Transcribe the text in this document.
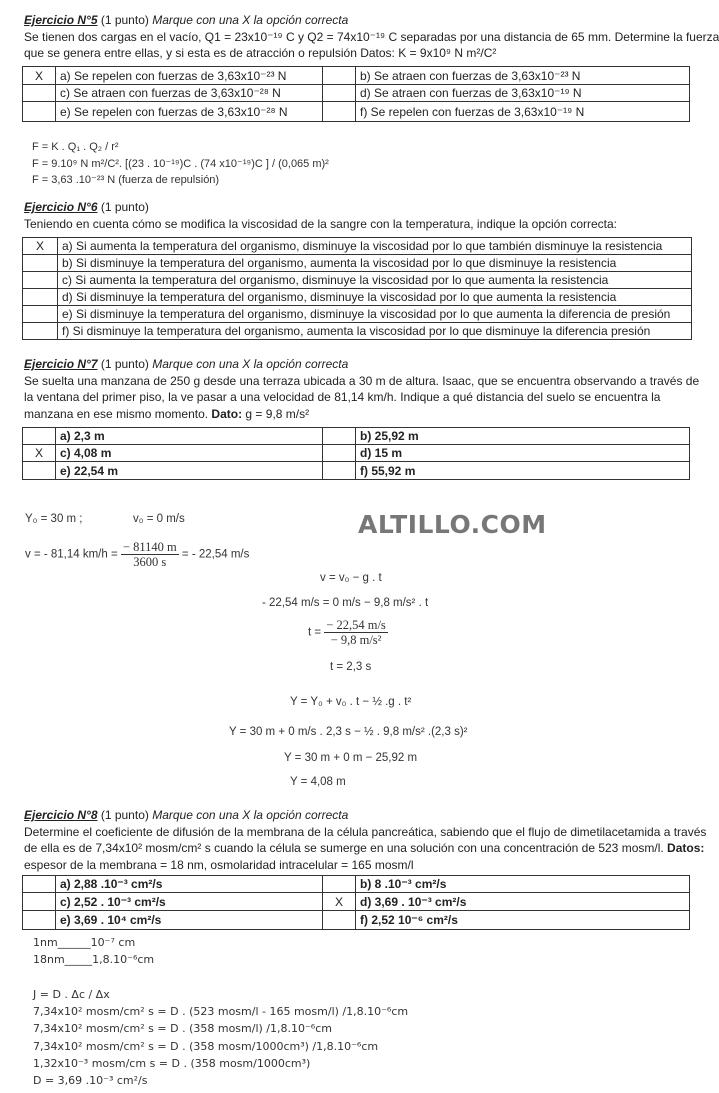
Ejercicio N°5 (1 punto) Marque con una X la opción correcta
Se tienen dos cargas en el vacío, Q1 = 23x10⁻¹⁹ C y Q2 = 74x10⁻¹⁹ C separadas por una distancia de 65 mm. Determine la fuerza
que se genera entre ellas, y si esta es de atracción o repulsión Datos: K = 9x10⁹ N m²/C²
X	a) Se repelen con fuerzas de 3,63x10⁻²³ N		b) Se atraen con fuerzas de 3,63x10⁻²³ N
	c) Se atraen con fuerzas de 3,63x10⁻²⁸ N		d) Se atraen con fuerzas de 3,63x10⁻¹⁹ N
	e) Se repelen con fuerzas de 3,63x10⁻²⁸ N		f) Se repelen con fuerzas de 3,63x10⁻¹⁹ N
F = K . Q₁ . Q₂ / r²
F = 9.10⁹ N m²/C². [(23 . 10⁻¹⁹)C . (74 x10⁻¹⁹)C ] / (0,065 m)²
F = 3,63 .10⁻²³ N (fuerza de repulsión)
Ejercicio N°6 (1 punto)
Teniendo en cuenta cómo se modifica la viscosidad de la sangre con la temperatura, indique la opción correcta:
X	a) Si aumenta la temperatura del organismo, disminuye la viscosidad por lo que también disminuye la resistencia
	b) Si disminuye la temperatura del organismo, aumenta la viscosidad por lo que disminuye la resistencia
	c) Si aumenta la temperatura del organismo, disminuye la viscosidad por lo que aumenta la resistencia
	d) Si disminuye la temperatura del organismo, disminuye la viscosidad por lo que aumenta la resistencia
	e) Si disminuye la temperatura del organismo, disminuye la viscosidad por lo que aumenta la diferencia de presión
	f) Si disminuye la temperatura del organismo, aumenta la viscosidad por lo que disminuye la diferencia presión
Ejercicio N°7 (1 punto) Marque con una X la opción correcta
Se suelta una manzana de 250 g desde una terraza ubicada a 30 m de altura. Isaac, que se encuentra observando a través de
la ventana del primer piso, la ve pasar a una velocidad de 81,14 km/h. Indique a qué distancia del suelo se encuentra la
manzana en ese mismo momento. Dato: g = 9,8 m/s²
	a) 2,3 m		b) 25,92 m
X	c) 4,08 m		d) 15 m
	e) 22,54 m		f) 55,92 m
Y₀ = 30 m ;	v₀ = 0 m/s	ALTILLO.COM
v = - 81,14 $km/h = \frac{- 81140 m}{3600 s}$ = - 22,54 m/s
v = v₀ − g . t
- 22,54 m/s = 0 m/s − 9,8 m/s² . t
$t = \frac{- 22,54 m/s}{\text{− 9,8 m/s²}}$
t = 2,3 s
Y = Y₀ + v₀ . t − ½ .g . t²
Y = 30 m + 0 m/s . 2,3 s − ½ . 9,8 m/s² .(2,3 s)²
Y = 30 m + 0 m − 25,92 m
Y = 4,08 m
Ejercicio N°8 (1 punto) Marque con una X la opción correcta
Determine el coeficiente de difusión de la membrana de la célula pancreática, sabiendo que el flujo de dimetilacetamida a través
de ella es de 7,34x10² mosm/cm² s cuando la célula se sumerge en una solución con una concentración de 523 mosm/l. Datos:
espesor de la membrana = 18 nm, osmolaridad intracelular = 165 mosm/l
	a) 2,88 .10⁻³ cm²/s		b) 8 .10⁻³ cm²/s
	c) 2,52 . 10⁻³ cm²/s	X	d) 3,69 . 10⁻³ cm²/s
	e) 3,69 . 10⁴ cm²/s		f) 2,52 10⁻⁶ cm²/s
1nm______10⁻⁷ cm
18nm_____1,8.10⁻⁶cm
J = D . Δc / Δx
7,34x10² mosm/cm² s = D . (523 mosm/l - 165 mosm/l) /1,8.10⁻⁶cm
7,34x10² mosm/cm² s = D . (358 mosm/l) /1,8.10⁻⁶cm
7,34x10² mosm/cm² s = D . (358 mosm/1000cm³) /1,8.10⁻⁶cm
1,32x10⁻³ mosm/cm s = D . (358 mosm/1000cm³)
D = 3,69 .10⁻³ cm²/s
